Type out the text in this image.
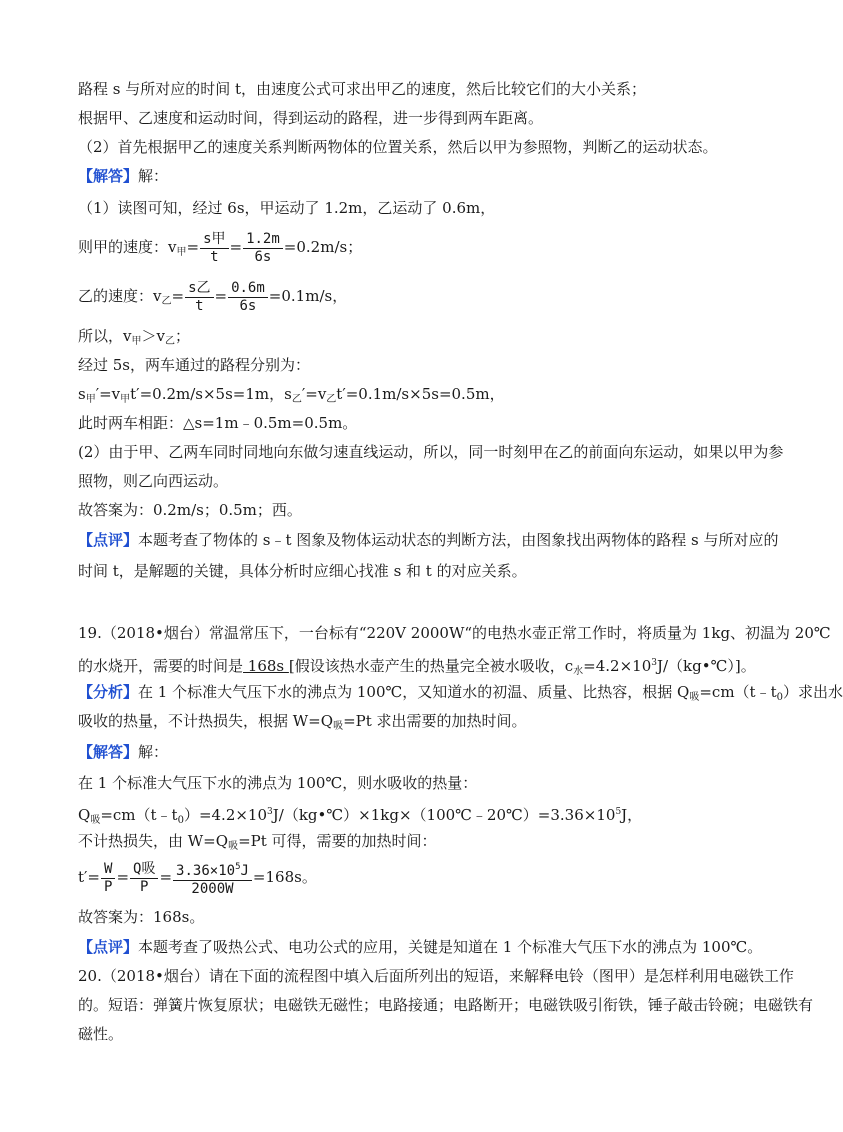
路程 s 与所对应的时间 t，由速度公式可求出甲乙的速度，然后比较它们的大小关系；
根据甲、乙速度和运动时间，得到运动的路程，进一步得到两车距离。
（2）首先根据甲乙的速度关系判断两物体的位置关系，然后以甲为参照物，判断乙的运动状态。
【解答】解：
（1）读图可知，经过 6s，甲运动了 1.2m，乙运动了 0.6m，
则甲的速度：$v_甲= \frac{\text{s甲}}{t} = \frac{1.2m}{6s} =0.2m/s$；
乙的速度：$v_乙= \frac{\text{s乙}}{t} = \frac{0.6m}{6s} =0.1m/s$，
所以，$v_甲>v_乙$；
经过 5s，两车通过的路程分别为：
$s_甲'=v_甲t'=0.2m/s\times 5s=1m$，$s_乙'=v_乙t'=0.1m/s\times 5s=0.5m$，
此时两车相距：△s=1m﹣0.5m=0.5m。
(2）由于甲、乙两车同时同地向东做匀速直线运动，所以，同一时刻甲在乙的前面向东运动，如果以甲为参
照物，则乙向西运动。
故答案为：0.2m/s；0.5m；西。
【点评】本题考查了物体的 s﹣t 图象及物体运动状态的判断方法，由图象找出两物体的路程 s 与所对应的
时间 t，是解题的关键，具体分析时应细心找准 s 和 t 的对应关系。
19.（2018•烟台）常温常压下，一台标有“220V 2000W“的电热水壶正常工作时，将质量为 1kg、初温为 20℃
的水烧开，需要的时间是 168s [假设该热水壶产生的热量完全被水吸收，$c_水=4.2\times 10^3J/(kg•℃)$]。
【分析】在 1 个标准大气压下水的沸点为 100℃，又知道水的初温、质量、比热容，根据 $Q_吸=cm(t﹣t_0)$求出水
吸收的热量，不计热损失，根据 $W=Q_吸=Pt$ 求出需要的加热时间。
【解答】解：
在 1 个标准大气压下水的沸点为 100℃，则水吸收的热量：
$Q_吸=cm(t﹣t_0)=4.2\times 10^3J/(kg•℃)\times 1kg\times(100℃﹣20℃)=3.36\times 10^5J$，
不计热损失，由 $W=Q_吸=Pt$ 可得，需要的加热时间：
$t'= \frac{W}{P} = \frac{\text{Q吸}}{P} = \frac{3.36\times 10^5J}{2000W} =168s$。
故答案为：168s。
【点评】本题考查了吸热公式、电功公式的应用，关键是知道在 1 个标准大气压下水的沸点为 100℃。
20.（2018•烟台）请在下面的流程图中填入后面所列出的短语，来解释电铃（图甲）是怎样利用电磁铁工作
的。短语：弹簧片恢复原状；电磁铁无磁性；电路接通；电路断开；电磁铁吸引衔铁，锤子敲击铃碗；电磁铁有
磁性。
